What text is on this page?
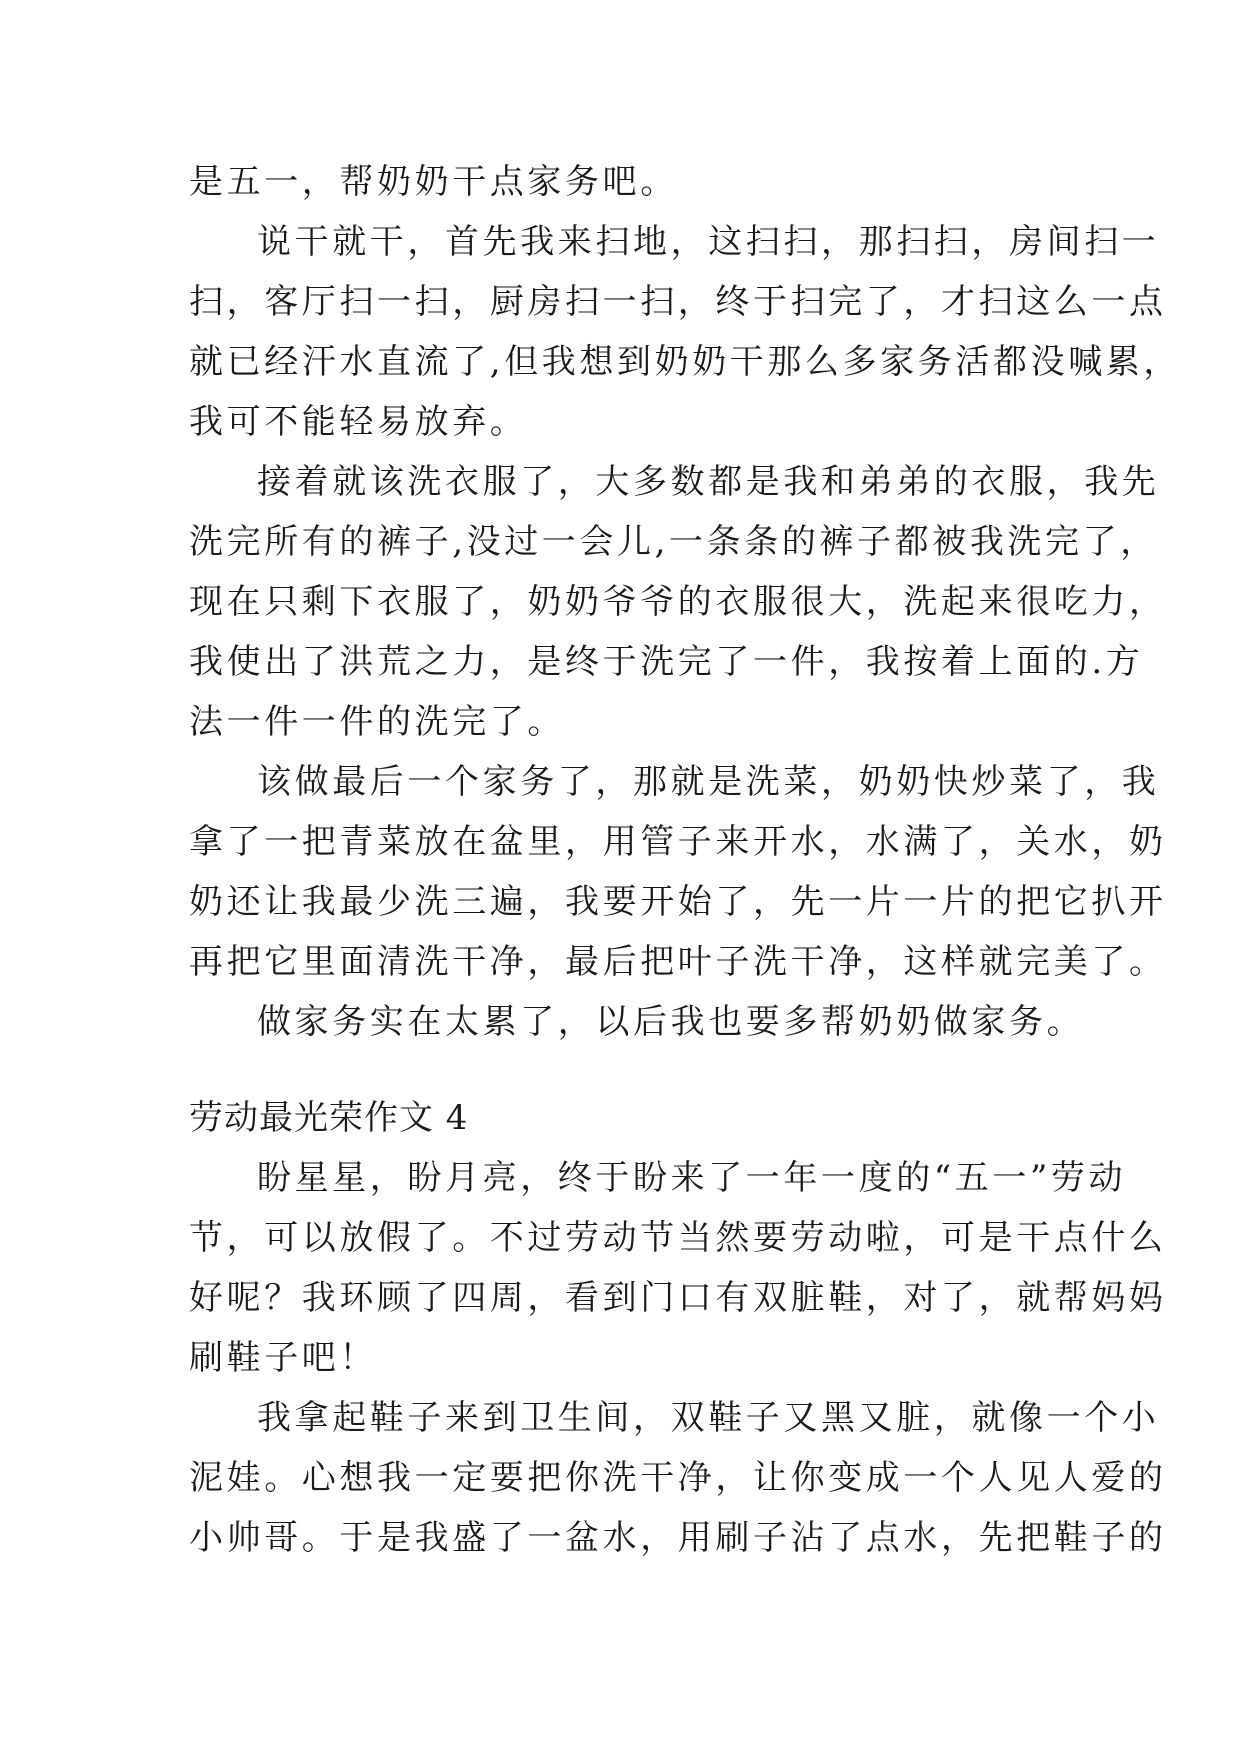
是五一，帮奶奶干点家务吧。
说干就干，首先我来扫地，这扫扫，那扫扫，房间扫一
扫，客厅扫一扫，厨房扫一扫，终于扫完了，才扫这么一点
就已经汗水直流了,但我想到奶奶干那么多家务活都没喊累，
我可不能轻易放弃。
接着就该洗衣服了，大多数都是我和弟弟的衣服，我先
洗完所有的裤子,没过一会儿,一条条的裤子都被我洗完了，
现在只剩下衣服了，奶奶爷爷的衣服很大，洗起来很吃力，
我使出了洪荒之力，是终于洗完了一件，我按着上面的.方
法一件一件的洗完了。
该做最后一个家务了，那就是洗菜，奶奶快炒菜了，我
拿了一把青菜放在盆里，用管子来开水，水满了，关水，奶
奶还让我最少洗三遍，我要开始了，先一片一片的把它扒开
再把它里面清洗干净，最后把叶子洗干净，这样就完美了。
做家务实在太累了，以后我也要多帮奶奶做家务。
劳动最光荣作文 4
盼星星，盼月亮，终于盼来了一年一度的“五一”劳动
节，可以放假了。不过劳动节当然要劳动啦，可是干点什么
好呢？我环顾了四周，看到门口有双脏鞋，对了，就帮妈妈
刷鞋子吧！
我拿起鞋子来到卫生间，双鞋子又黑又脏，就像一个小
泥娃。心想我一定要把你洗干净，让你变成一个人见人爱的
小帅哥。于是我盛了一盆水，用刷子沾了点水，先把鞋子的
